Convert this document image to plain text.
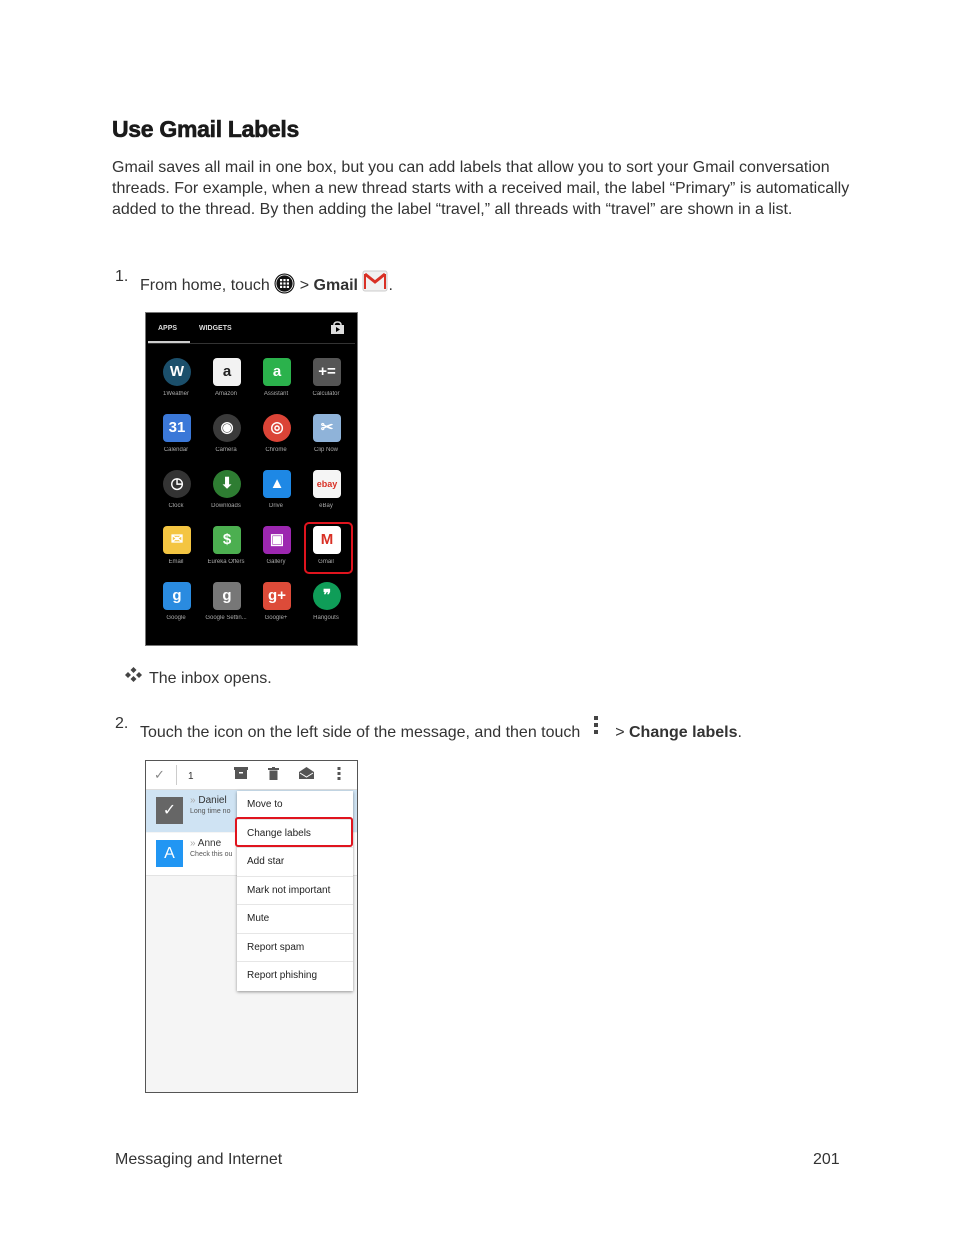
Use Gmail Labels
Gmail saves all mail in one box, but you can add labels that allow you to sort your Gmail conversation threads. For example, when a new thread starts with a received mail, the label “Primary” is automatically added to the thread. By then adding the label “travel,” all threads with “travel” are shown in a list.
1.
From home, touch > Gmail .
APPS	WIDGETS
W
1Weather
a
Amazon
a
Assistant
+=
Calculator
31
Calendar
◉
Camera
◎
Chrome
✂
Clip Now
◷
Clock
⬇
Downloads
▲
Drive
ebay
eBay
✉
Email
$
Eureka Offers
▣
Gallery
M
Gmail
g
Google
g
Google Settin...
g+
Google+
❞
Hangouts
The inbox opens.
2.
Touch the icon on the left side of the message, and then touch > Change labels.
✓ 1
✓
» Daniel
Long time no
A
» Anne
Check this ou
Move to
Change labels
Add star
Mark not important
Mute
Report spam
Report phishing
Messaging and Internet	201
